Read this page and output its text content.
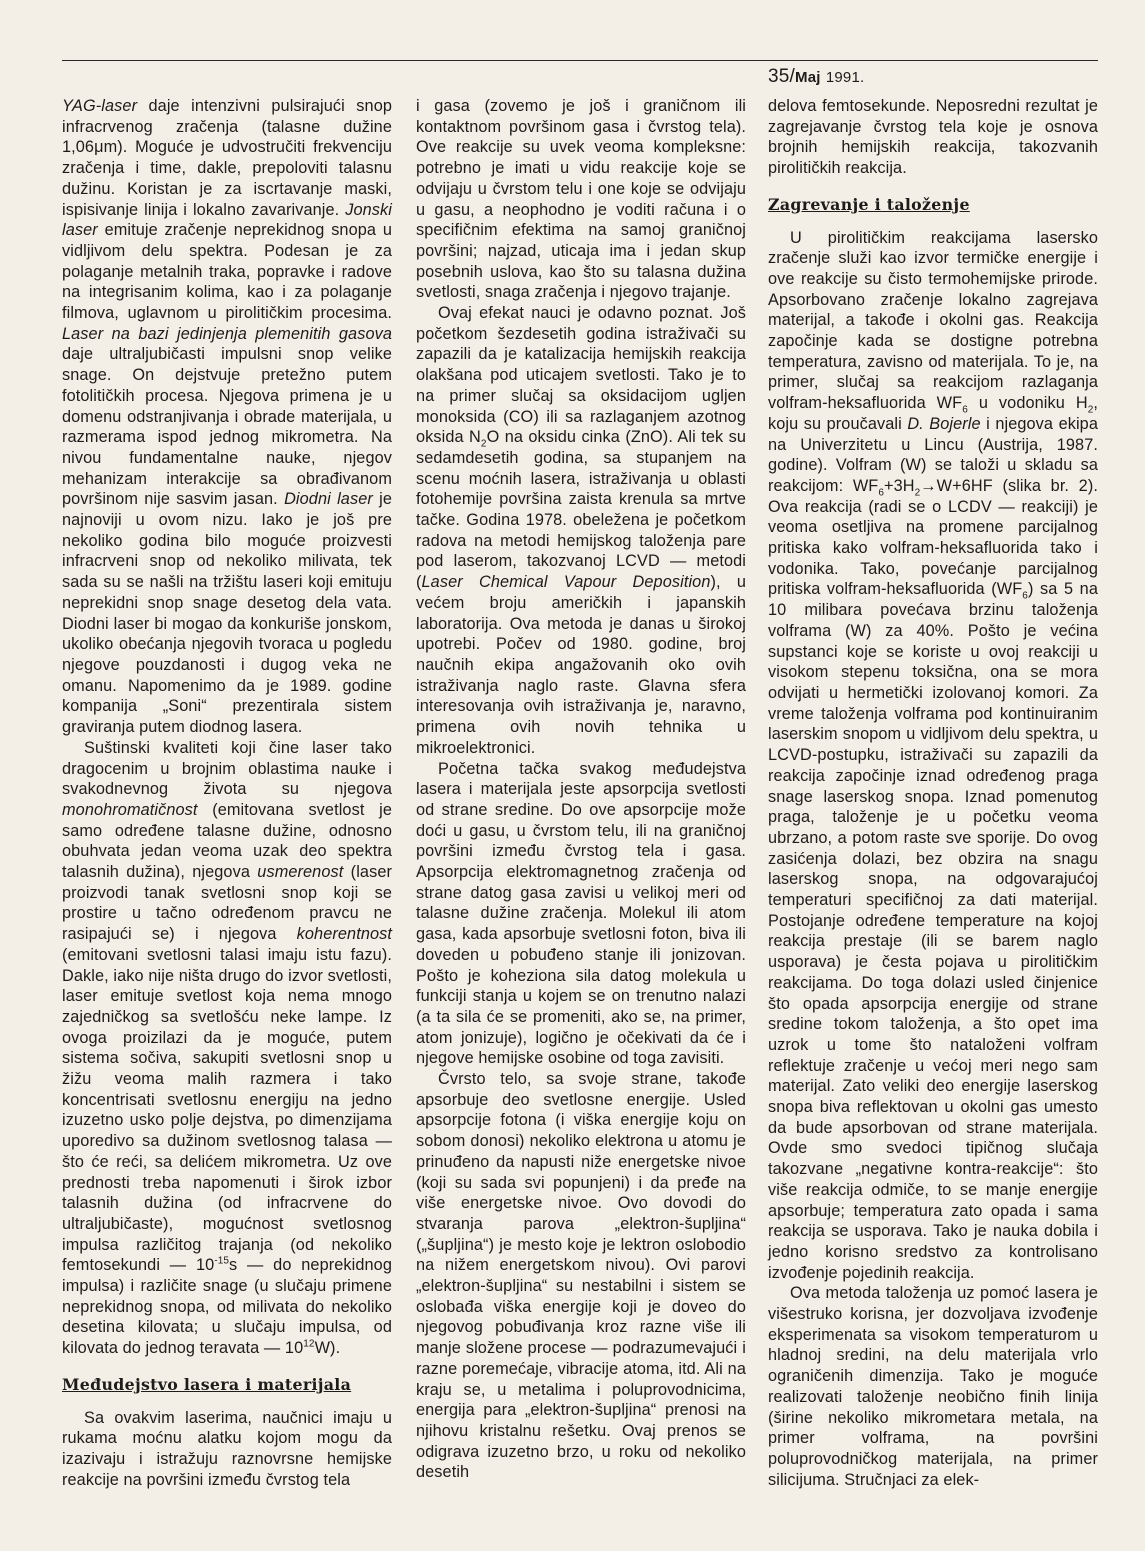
35/Maj 1991.

YAG-laser daje intenzivni pulsirajući snop infracrvenog zračenja (talasne dužine 1,06μm). Moguće je udvostručiti frekvenciju zračenja i time, dakle, prepoloviti talasnu dužinu. Koristan je za iscrtavanje maski, ispisivanje linija i lokalno zavarivanje. Jonski laser emituje zračenje neprekidnog snopa u vidljivom delu spektra. Podesan je za polaganje metalnih traka, popravke i radove na integrisanim kolima, kao i za polaganje filmova, uglavnom u pirolitičkim procesima. Laser na bazi jedinjenja plemenitih gasova daje ultraljubičasti impulsni snop velike snage. On dejstvuje pretežno putem fotolitičkih procesa. Njegova primena je u domenu odstranjivanja i obrade materijala, u razmerama ispod jednog mikrometra. Na nivou fundamentalne nauke, njegov mehanizam interakcije sa obrađivanom površinom nije sasvim jasan. Diodni laser je najnoviji u ovom nizu. Iako je još pre nekoliko godina bilo moguće proizvesti infracrveni snop od nekoliko milivata, tek sada su se našli na tržištu laseri koji emituju neprekidni snop snage desetog dela vata. Diodni laser bi mogao da konkuriše jonskom, ukoliko obećanja njegovih tvoraca u pogledu njegove pouzdanosti i dugog veka ne omanu. Napomenimo da je 1989. godine kompanija „Soni“ prezentirala sistem graviranja putem diodnog lasera.

Suštinski kvaliteti koji čine laser tako dragocenim u brojnim oblastima nauke i svakodnevnog života su njegova monohromatičnost (emitovana svetlost je samo određene talasne dužine, odnosno obuhvata jedan veoma uzak deo spektra talasnih dužina), njegova usmerenost (laser proizvodi tanak svetlosni snop koji se prostire u tačno određenom pravcu ne rasipajući se) i njegova koherentnost (emitovani svetlosni talasi imaju istu fazu). Dakle, iako nije ništa drugo do izvor svetlosti, laser emituje svetlost koja nema mnogo zajedničkog sa svetlošću neke lampe. Iz ovoga proizilazi da je moguće, putem sistema sočiva, sakupiti svetlosni snop u žižu veoma malih razmera i tako koncentrisati svetlosnu energiju na jedno izuzetno usko polje dejstva, po dimenzijama uporedivo sa dužinom svetlosnog talasa — što će reći, sa delićem mikrometra. Uz ove prednosti treba napomenuti i širok izbor talasnih dužina (od infracrvene do ultraljubičaste), mogućnost svetlosnog impulsa različitog trajanja (od nekoliko femtosekundi — $10^{-15}s$ — do neprekidnog impulsa) i različite snage (u slučaju primene neprekidnog snopa, od milivata do nekoliko desetina kilovata; u slučaju impulsa, od kilovata do jednog teravata — $10^{12}W$).

Međudejstvo lasera i materijala

Sa ovakvim laserima, naučnici imaju u rukama moćnu alatku kojom mogu da izazivaju i istražuju raznovrsne hemijske reakcije na površini između čvrstog tela

i gasa (zovemo je još i graničnom ili kontaktnom površinom gasa i čvrstog tela). Ove reakcije su uvek veoma kompleksne: potrebno je imati u vidu reakcije koje se odvijaju u čvrstom telu i one koje se odvijaju u gasu, a neophodno je voditi računa i o specifičnim efektima na samoj graničnoj površini; najzad, uticaja ima i jedan skup posebnih uslova, kao što su talasna dužina svetlosti, snaga zračenja i njegovo trajanje.

Ovaj efekat nauci je odavno poznat. Još početkom šezdesetih godina istraživači su zapazili da je katalizacija hemijskih reakcija olakšana pod uticajem svetlosti. Tako je to na primer slučaj sa oksidacijom ugljen monoksida (CO) ili sa razlaganjem azotnog oksida $N_2O$ na oksidu cinka (ZnO). Ali tek su sedamdesetih godina, sa stupanjem na scenu moćnih lasera, istraživanja u oblasti fotohemije površina zaista krenula sa mrtve tačke. Godina 1978. obeležena je početkom radova na metodi hemijskog taloženja pare pod laserom, takozvanoj LCVD — metodi (Laser Chemical Vapour Deposition), u većem broju američkih i japanskih laboratorija. Ova metoda je danas u širokoj upotrebi. Počev od 1980. godine, broj naučnih ekipa angažovanih oko ovih istraživanja naglo raste. Glavna sfera interesovanja ovih istraživanja je, naravno, primena ovih novih tehnika u mikroelektronici.

Početna tačka svakog međudejstva lasera i materijala jeste apsorpcija svetlosti od strane sredine. Do ove apsorpcije može doći u gasu, u čvrstom telu, ili na graničnoj površini između čvrstog tela i gasa. Apsorpcija elektromagnetnog zračenja od strane datog gasa zavisi u velikoj meri od talasne dužine zračenja. Molekul ili atom gasa, kada apsorbuje svetlosni foton, biva ili doveden u pobuđeno stanje ili jonizovan. Pošto je koheziona sila datog molekula u funkciji stanja u kojem se on trenutno nalazi (a ta sila će se promeniti, ako se, na primer, atom jonizuje), logično je očekivati da će i njegove hemijske osobine od toga zavisiti.

Čvrsto telo, sa svoje strane, takođe apsorbuje deo svetlosne energije. Usled apsorpcije fotona (i viška energije koju on sobom donosi) nekoliko elektrona u atomu je prinuđeno da napusti niže energetske nivoe (koji su sada svi popunjeni) i da pređe na više energetske nivoe. Ovo dovodi do stvaranja parova „elektron-šupljina“ („šupljina“) je mesto koje je lektron oslobodio na nižem energetskom nivou). Ovi parovi „elektron-šupljina“ su nestabilni i sistem se oslobađa viška energije koji je doveo do njegovog pobuđivanja kroz razne više ili manje složene procese — podrazumevajući i razne poremećaje, vibracije atoma, itd. Ali na kraju se, u metalima i poluprovodnicima, energija para „elektron-šupljina“ prenosi na njihovu kristalnu rešetku. Ovaj prenos se odigrava izuzetno brzo, u roku od nekoliko desetih

delova femtosekunde. Neposredni rezultat je zagrejavanje čvrstog tela koje je osnova brojnih hemijskih reakcija, takozvanih pirolitičkih reakcija.

Zagrevanje i taloženje

U pirolitičkim reakcijama lasersko zračenje služi kao izvor termičke energije i ove reakcije su čisto termohemijske prirode. Apsorbovano zračenje lokalno zagrejava materijal, a takođe i okolni gas. Reakcija započinje kada se dostigne potrebna temperatura, zavisno od materijala. To je, na primer, slučaj sa reakcijom razlaganja volfram-heksafluorida $WF_6$ u vodoniku $H_2$, koju su proučavali D. Bojerle i njegova ekipa na Univerzitetu u Lincu (Austrija, 1987. godine). Volfram (W) se taloži u skladu sa reakcijom: $WF_6+3H_2\to W+6HF$ (slika br. 2). Ova reakcija (radi se o LCDV — reakciji) je veoma osetljiva na promene parcijalnog pritiska kako volfram-heksafluorida tako i vodonika. Tako, povećanje parcijalnog pritiska volfram-heksafluorida $(WF_6)$ sa 5 na 10 milibara povećava brzinu taloženja volframa (W) za 40%. Pošto je većina supstanci koje se koriste u ovoj reakciji u visokom stepenu toksična, ona se mora odvijati u hermetički izolovanoj komori. Za vreme taloženja volframa pod kontinuiranim laserskim snopom u vidljivom delu spektra, u LCVD-postupku, istraživači su zapazili da reakcija započinje iznad određenog praga snage laserskog snopa. Iznad pomenutog praga, taloženje je u početku veoma ubrzano, a potom raste sve sporije. Do ovog zasićenja dolazi, bez obzira na snagu laserskog snopa, na odgovarajućoj temperaturi specifičnoj za dati materijal. Postojanje određene temperature na kojoj reakcija prestaje (ili se barem naglo usporava) je česta pojava u pirolitičkim reakcijama. Do toga dolazi usled činjenice što opada apsorpcija energije od strane sredine tokom taloženja, a što opet ima uzrok u tome što nataloženi volfram reflektuje zračenje u većoj meri nego sam materijal. Zato veliki deo energije laserskog snopa biva reflektovan u okolni gas umesto da bude apsorbovan od strane materijala. Ovde smo svedoci tipičnog slučaja takozvane „negativne kontra-reakcije“: što više reakcija odmiče, to se manje energije apsorbuje; temperatura zato opada i sama reakcija se usporava. Tako je nauka dobila i jedno korisno sredstvo za kontrolisano izvođenje pojedinih reakcija.

Ova metoda taloženja uz pomoć lasera je višestruko korisna, jer dozvoljava izvođenje eksperimenata sa visokom temperaturom u hladnoj sredini, na delu materijala vrlo ograničenih dimenzija. Tako je moguće realizovati taloženje neobično finih linija (širine nekoliko mikrometara metala, na primer volframa, na površini poluprovodničkog materijala, na primer silicijuma. Stručnjaci za elek-
